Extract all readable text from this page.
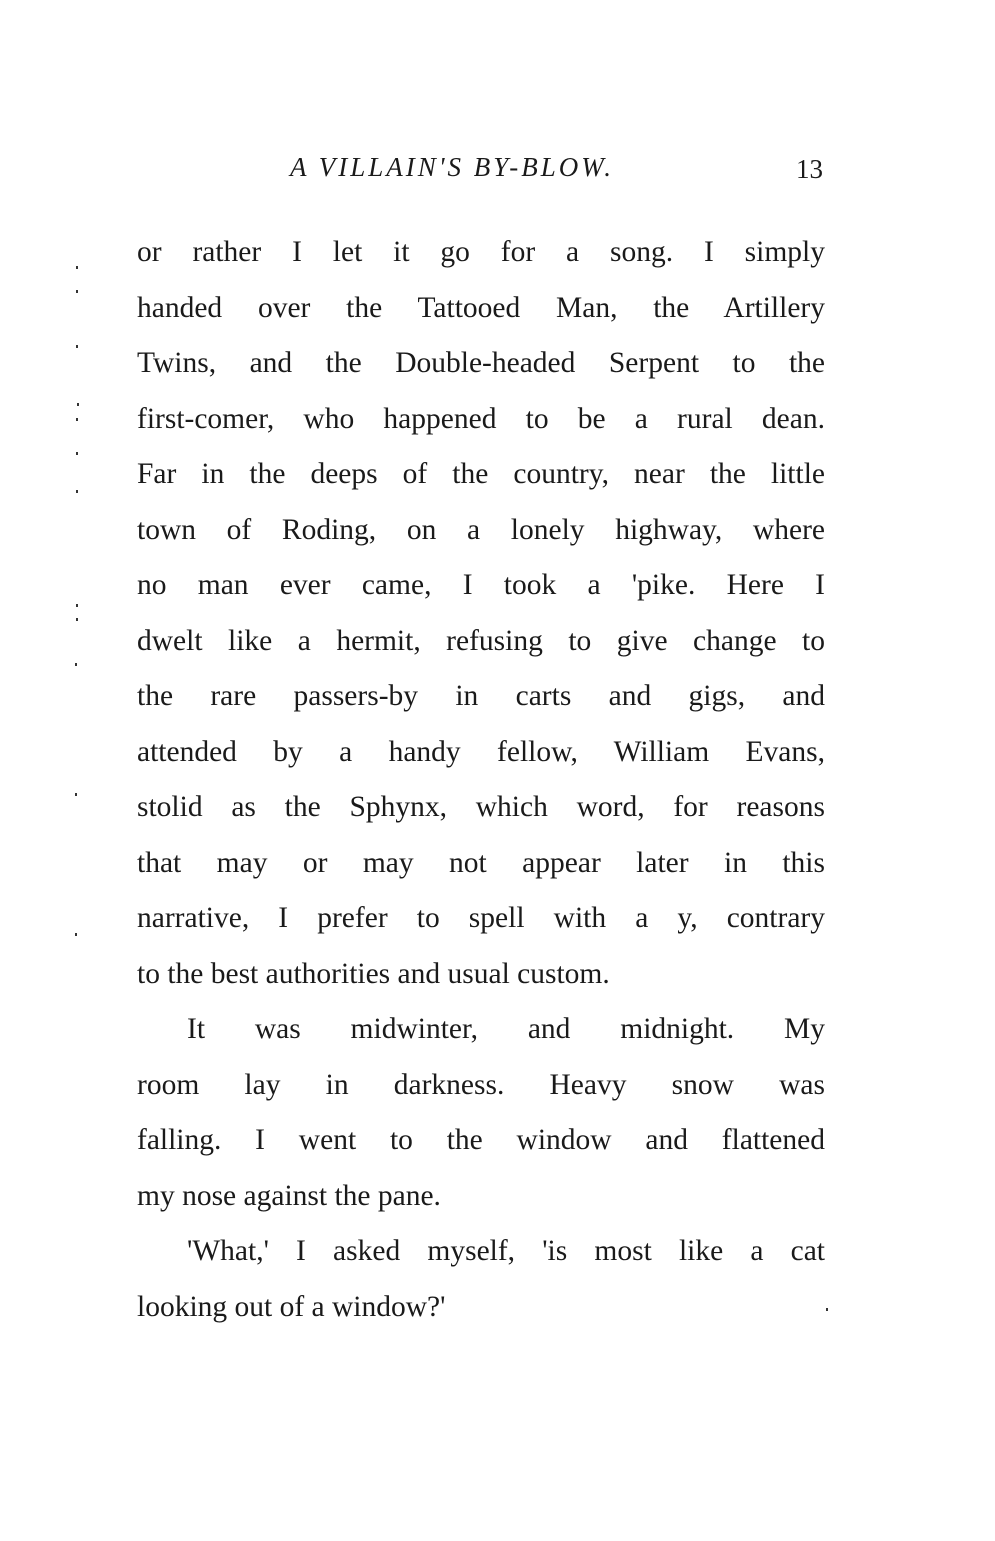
A VILLAIN'S BY-BLOW.	13
or rather I let it go for a song. I simply
handed over the Tattooed Man, the Artillery
Twins, and the Double-headed Serpent to the
first-comer, who happened to be a rural dean.
Far in the deeps of the country, near the little
town of Roding, on a lonely highway, where
no man ever came, I took a 'pike. Here I
dwelt like a hermit, refusing to give change to
the rare passers-by in carts and gigs, and
attended by a handy fellow, William Evans,
stolid as the Sphynx, which word, for reasons
that may or may not appear later in this
narrative, I prefer to spell with a y, contrary
to the best authorities and usual custom.
It was midwinter, and midnight. My
room lay in darkness. Heavy snow was
falling. I went to the window and flattened
my nose against the pane.
'What,' I asked myself, 'is most like a cat
looking out of a window?'
